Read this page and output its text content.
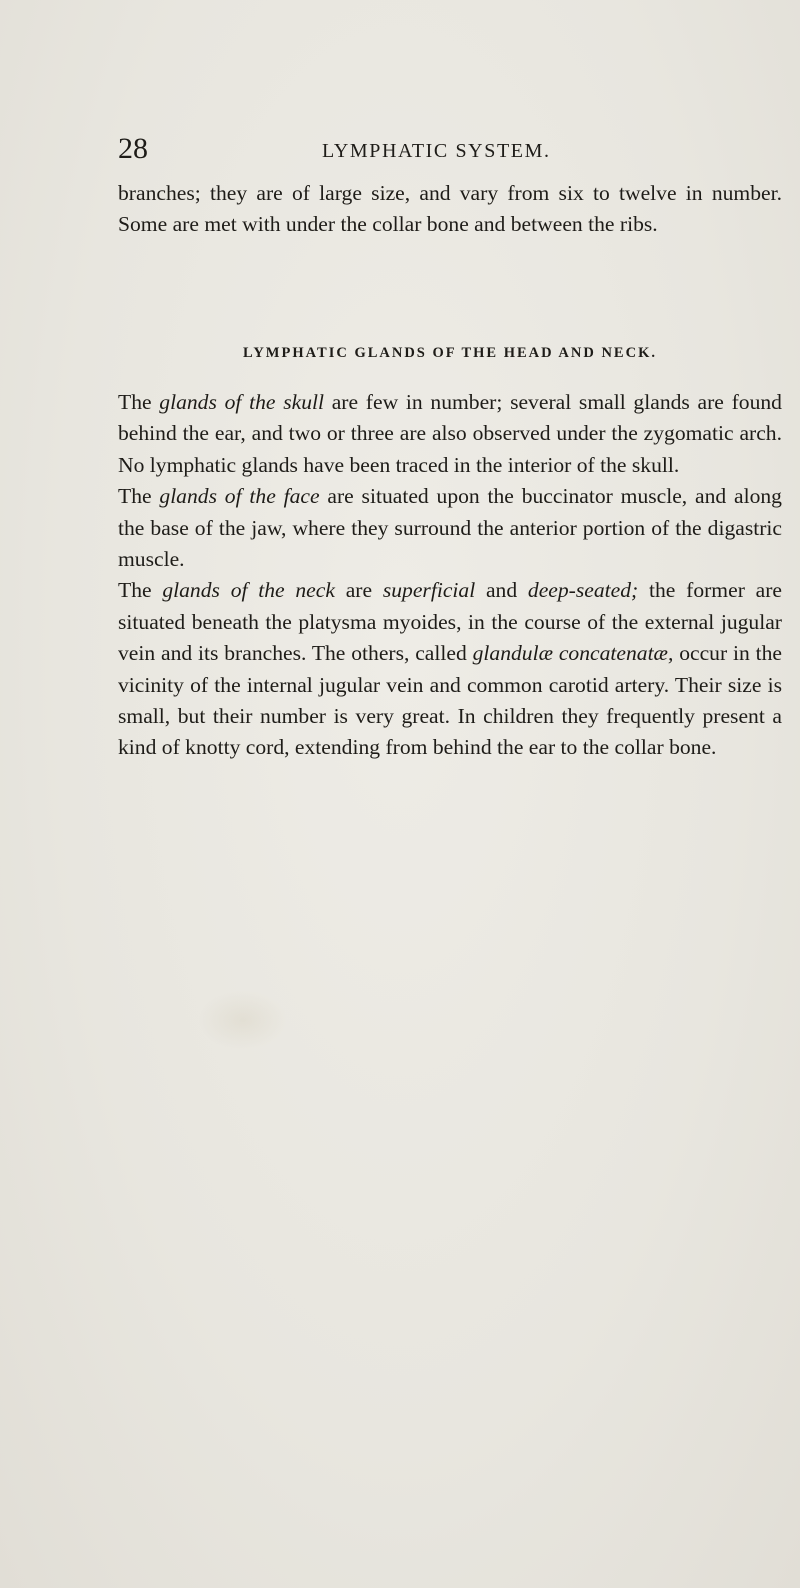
28	LYMPHATIC SYSTEM.

branches; they are of large size, and vary from six to twelve in number. Some are met with under the collar bone and between the ribs.

LYMPHATIC GLANDS OF THE HEAD AND NECK.

The glands of the skull are few in number; several small glands are found behind the ear, and two or three are also observed under the zygomatic arch. No lymphatic glands have been traced in the interior of the skull.

The glands of the face are situated upon the buccinator muscle, and along the base of the jaw, where they surround the anterior portion of the digastric muscle.

The glands of the neck are superficial and deep-seated; the former are situated beneath the platysma myoides, in the course of the external jugular vein and its branches. The others, called glandulæ concatenatæ, occur in the vicinity of the internal jugular vein and common carotid artery. Their size is small, but their number is very great. In children they frequently present a kind of knotty cord, extending from behind the ear to the collar bone.
